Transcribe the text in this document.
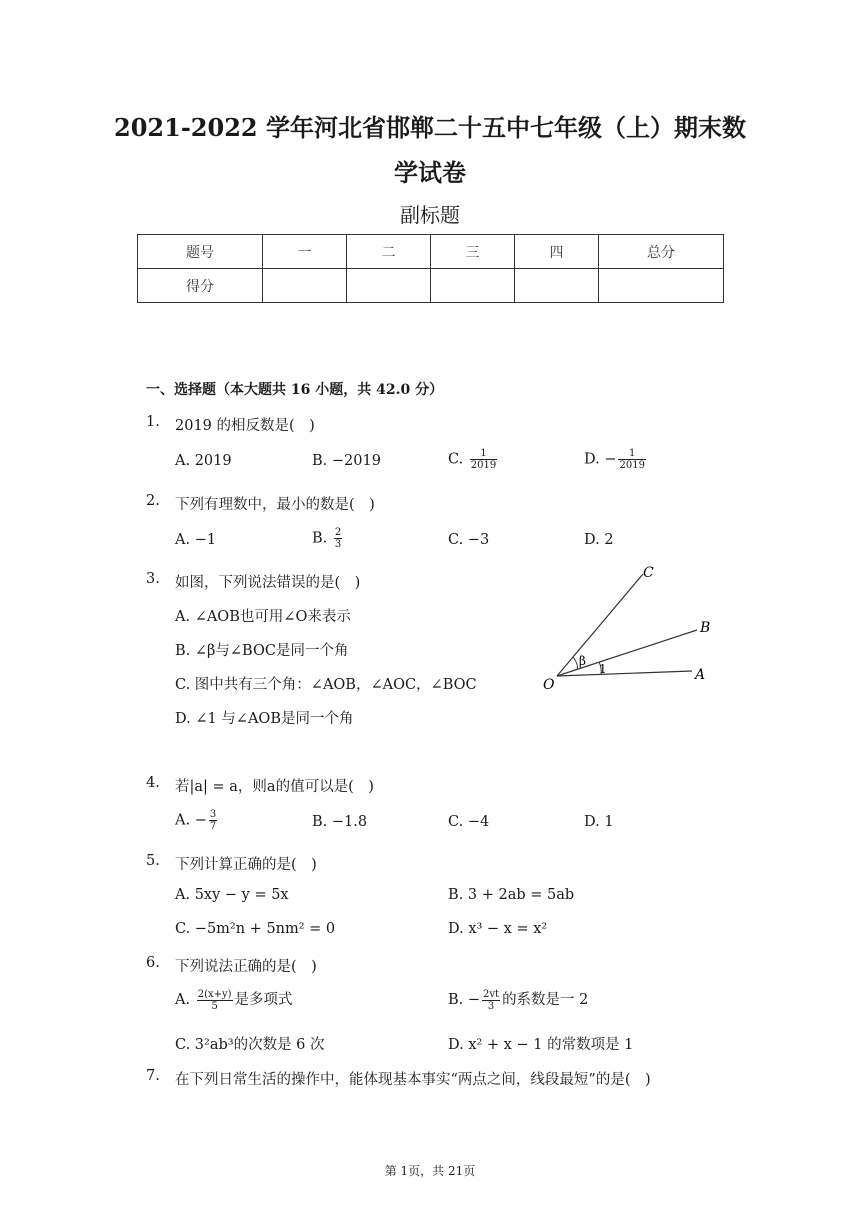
2021-2022 学年河北省邯郸二十五中七年级（上）期末数
学试卷
副标题
题号	一	二	三	四	总分
得分					
一、选择题（本大题共 16 小题，共 42.0 分）
1. 2019 的相反数是(　)
A. 2019	B. −2019	C. $\frac{1}{2019}$	D. − $\frac{1}{2019}$
2. 下列有理数中，最小的数是(　)
A. −1	B. $\frac{2}{3}$	C. −3	D. 2
3. 如图，下列说法错误的是(　)
A. ∠AOB也可用∠O来表示
B. ∠β与∠BOC是同一个角
C. 图中共有三个角：∠AOB，∠AOC，∠BOC
D. ∠1 与∠AOB是同一个角
C
B
A
O
β
1
4. 若|a| = a，则a的值可以是(　)
A. − $\frac{3}{7}$	B. −1.8	C. −4	D. 1
5. 下列计算正确的是(　)
A. 5xy − y = 5x	B. 3 + 2ab = 5ab
C. −5m²n + 5nm² = 0	D. x³ − x = x²
6. 下列说法正确的是(　)
A. $\frac{2(x+y)}{5}$ 是多项式	B. − $\frac{2vt}{3}$ 的系数是一 2
C. 3²ab³的次数是 6 次	D. x² + x − 1 的常数项是 1
7. 在下列日常生活的操作中，能体现基本事实“两点之间，线段最短”的是(　)
第 1页，共 21页
